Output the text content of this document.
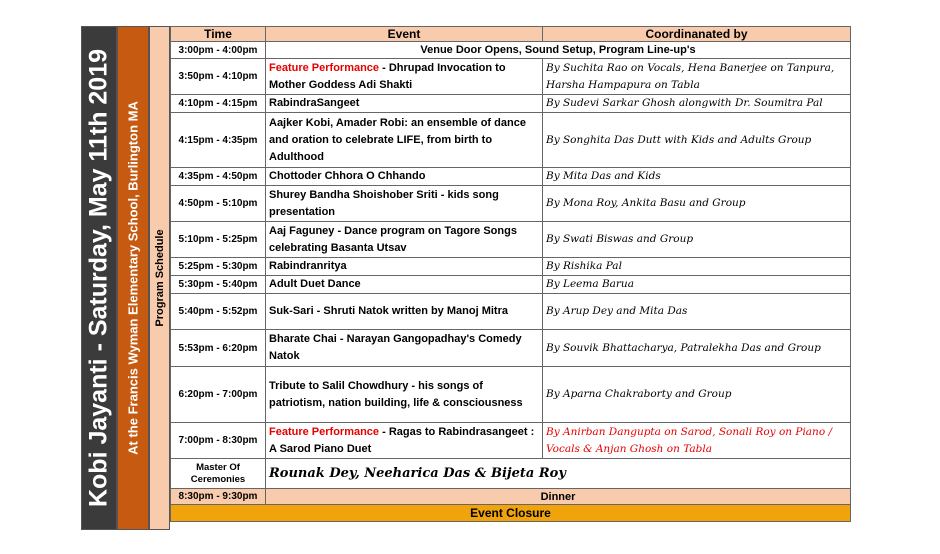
Kobi Jayanti - Saturday, May 11th 2019 At the Francis Wyman Elementary School, Burlington MA Program Schedule
Time	Event	Coordinanated by
3:00pm - 4:00pm	Venue Door Opens, Sound Setup, Program Line-up's	
3:50pm - 4:10pm	Feature Performance - Dhrupad Invocation to Mother Goddess Adi Shakti	By Suchita Rao on Vocals, Hena Banerjee on Tanpura, Harsha Hampapura on Tabla
4:10pm - 4:15pm	RabindraSangeet	By Sudevi Sarkar Ghosh alongwith Dr. Soumitra Pal
4:15pm - 4:35pm	Aajker Kobi, Amader Robi: an ensemble of dance and oration to celebrate LIFE, from birth to Adulthood	By Songhita Das Dutt with Kids and Adults Group
4:35pm - 4:50pm	Chottoder Chhora O Chhando	By Mita Das and Kids
4:50pm - 5:10pm	Shurey Bandha Shoishober Sriti - kids song presentation	By Mona Roy, Ankita Basu and Group
5:10pm - 5:25pm	Aaj Faguney - Dance program on Tagore Songs celebrating Basanta Utsav	By Swati Biswas and Group
5:25pm - 5:30pm	Rabindranritya	By Rishika Pal
5:30pm - 5:40pm	Adult Duet Dance	By Leema Barua
5:40pm - 5:52pm	Suk-Sari - Shruti Natok written by Manoj Mitra	By Arup Dey and Mita Das
5:53pm - 6:20pm	Bharate Chai - Narayan Gangopadhay's Comedy Natok	By Souvik Bhattacharya, Patralekha Das and Group
6:20pm - 7:00pm	Tribute to Salil Chowdhury - his songs of patriotism, nation building, life & consciousness	By Aparna Chakraborty and Group
7:00pm - 8:30pm	Feature Performance - Ragas to Rabindrasangeet : A Sarod Piano Duet	By Anirban Dangupta on Sarod, Sonali Roy on Piano / Vocals & Anjan Ghosh on Tabla
Master Of Ceremonies	Rounak Dey, Neeharica Das & Bijeta Roy	
8:30pm - 9:30pm	Dinner	
Event Closure		
